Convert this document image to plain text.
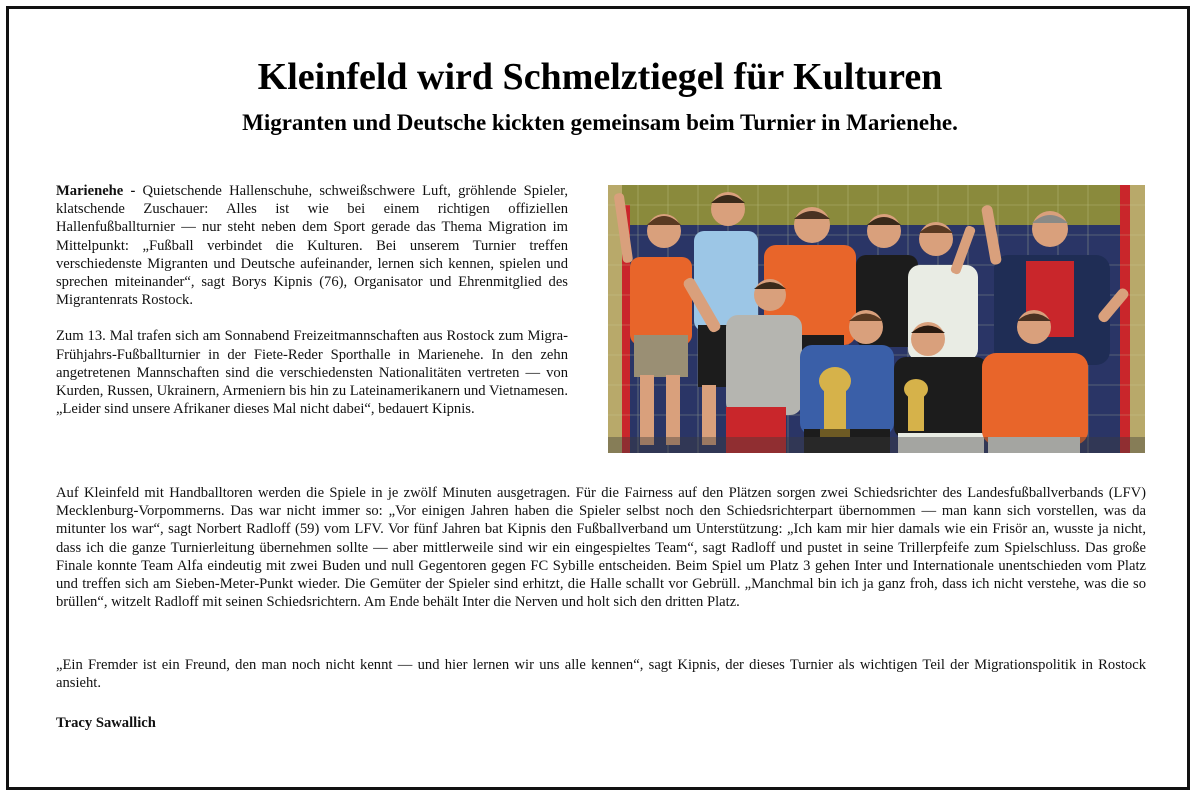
Kleinfeld wird Schmelztiegel für Kulturen
Migranten und Deutsche kickten gemeinsam beim Turnier in Marienehe.

Marienehe - Quietschende Hallenschuhe, schweißschwere Luft, gröhlende Spieler, klatschende Zuschauer: Alles ist wie bei einem richtigen offiziellen Hallenfußballturnier — nur steht neben dem Sport gerade das Thema Migration im Mittelpunkt: „Fußball verbindet die Kulturen. Bei unserem Turnier treffen verschiedenste Migranten und Deutsche aufeinander, lernen sich kennen, spielen und sprechen miteinander“, sagt Borys Kipnis (76), Organisator und Ehrenmitglied des Migrantenrats Rostock.

Zum 13. Mal trafen sich am Sonnabend Freizeitmannschaften aus Rostock zum Migra-Frühjahrs-Fußballturnier in der Fiete-Reder Sporthalle in Marienehe. In den zehn angetretenen Mannschaften sind die verschiedensten Nationalitäten vertreten — von Kurden, Russen, Ukrainern, Armeniern bis hin zu Lateinamerikanern und Vietnamesen. „Leider sind unsere Afrikaner dieses Mal nicht dabei“, bedauert Kipnis.

Auf Kleinfeld mit Handballtoren werden die Spiele in je zwölf Minuten ausgetragen. Für die Fairness auf den Plätzen sorgen zwei Schiedsrichter des Landesfußballverbands (LFV) Mecklenburg-Vorpommerns. Das war nicht immer so: „Vor einigen Jahren haben die Spieler selbst noch den Schiedsrichterpart übernommen — man kann sich vorstellen, was da mitunter los war“, sagt Norbert Radloff (59) vom LFV. Vor fünf Jahren bat Kipnis den Fußballverband um Unterstützung: „Ich kam mir hier damals wie ein Frisör an, wusste ja nicht, dass ich die ganze Turnierleitung übernehmen sollte — aber mittlerweile sind wir ein eingespieltes Team“, sagt Radloff und pustet in seine Trillerpfeife zum Spielschluss. Das große Finale konnte Team Alfa eindeutig mit zwei Buden und null Gegentoren gegen FC Sybille entscheiden. Beim Spiel um Platz 3 gehen Inter und Internationale unentschieden vom Platz und treffen sich am Sieben-Meter-Punkt wieder. Die Gemüter der Spieler sind erhitzt, die Halle schallt vor Gebrüll. „Manchmal bin ich ja ganz froh, dass ich nicht verstehe, was die so brüllen“, witzelt Radloff mit seinen Schiedsrichtern. Am Ende behält Inter die Nerven und holt sich den dritten Platz.

„Ein Fremder ist ein Freund, den man noch nicht kennt — und hier lernen wir uns alle kennen“, sagt Kipnis, der dieses Turnier als wichtigen Teil der Migrationspolitik in Rostock ansieht.

Tracy Sawallich
